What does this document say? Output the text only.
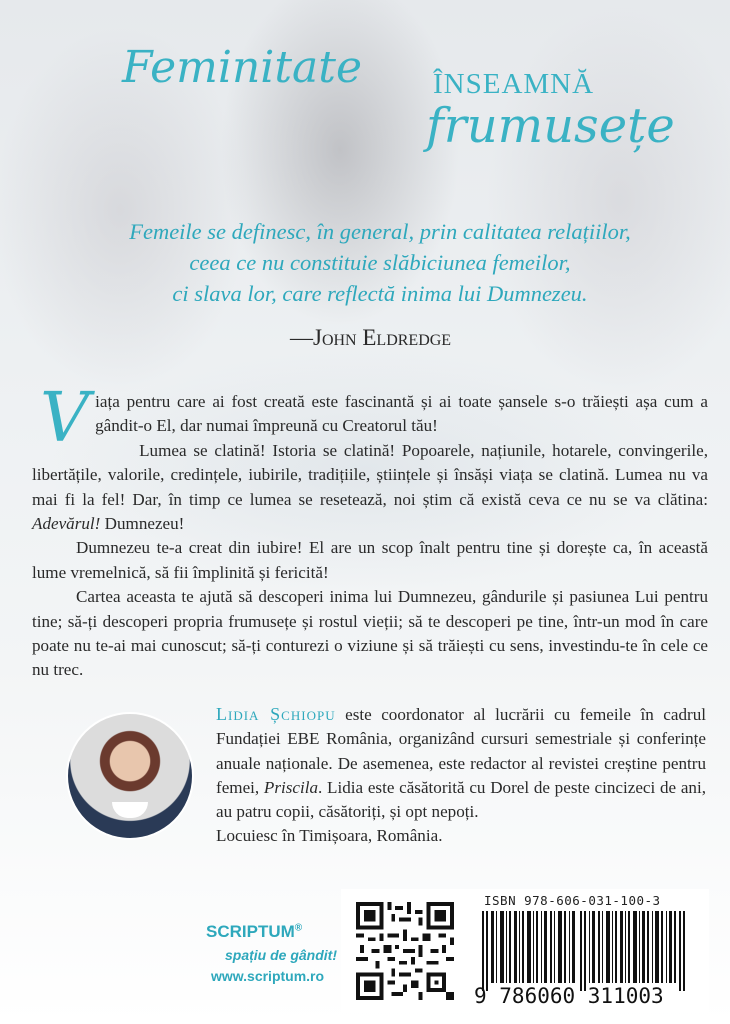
Feminitate ÎNSEAMNĂ
frumusețe
Femeile se definesc, în general, prin calitatea relațiilor,
ceea ce nu constituie slăbiciunea femeilor,
ci slava lor, care reflectă inima lui Dumnezeu.
—John Eldredge

Viața pentru care ai fost creată este fascinantă și ai toate șansele s-o trăiești așa cum a gândit-o El, dar numai împreună cu Creatorul tău!

Lumea se clatină! Istoria se clatină! Popoarele, națiunile, hotarele, convingerile, libertățile, valorile, credințele, iubirile, tradițiile, științele și însăși viața se clatină. Lumea nu va mai fi la fel! Dar, în timp ce lumea se resetează, noi știm că există ceva ce nu se va clătina: Adevărul! Dumnezeu!

Dumnezeu te-a creat din iubire! El are un scop înalt pentru tine și dorește ca, în această lume vremelnică, să fii împlinită și fericită!

Cartea aceasta te ajută să descoperi inima lui Dumnezeu, gândurile și pasiunea Lui pentru tine; să-ți descoperi propria frumusețe și rostul vieții; să te descoperi pe tine, într-un mod în care poate nu te-ai mai cunoscut; să-ți conturezi o viziune și să trăiești cu sens, investindu-te în cele ce nu trec.

Lidia Șchiopu este coordonator al lucrării cu femeile în cadrul Fundației EBE România, organizând cursuri semestriale și conferințe anuale naționale. De asemenea, este redactor al revistei creștine pentru femei, Priscila. Lidia este căsătorită cu Dorel de peste cincizeci de ani, au patru copii, căsătoriți, și opt nepoți.

Locuiesc în Timișoara, România.

SCRIPTUM®
spațiu de gândit!
www.scriptum.ro
ISBN 978-606-031-100-3
9 786060 311003
